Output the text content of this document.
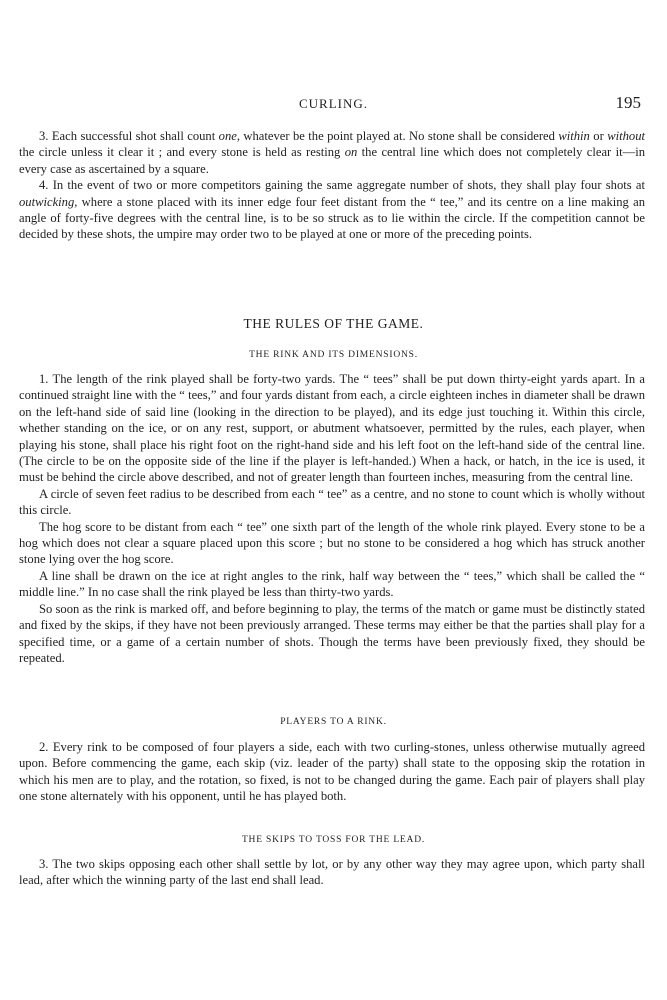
CURLING.	195

3. Each successful shot shall count one, whatever be the point played at. No stone shall be considered within or without the circle unless it clear it ; and every stone is held as resting on the central line which does not completely clear it—in every case as ascertained by a square.

4. In the event of two or more competitors gaining the same aggregate number of shots, they shall play four shots at outwicking, where a stone placed with its inner edge four feet distant from the “ tee,” and its centre on a line making an angle of forty-five degrees with the central line, is to be so struck as to lie within the circle. If the competition cannot be decided by these shots, the umpire may order two to be played at one or more of the preceding points.

THE RULES OF THE GAME.
THE RINK AND ITS DIMENSIONS.

1. The length of the rink played shall be forty-two yards. The “ tees” shall be put down thirty-eight yards apart. In a continued straight line with the “ tees,” and four yards distant from each, a circle eighteen inches in diameter shall be drawn on the left-hand side of said line (looking in the direction to be played), and its edge just touching it. Within this circle, whether standing on the ice, or on any rest, support, or abutment whatsoever, permitted by the rules, each player, when playing his stone, shall place his right foot on the right-hand side and his left foot on the left-hand side of the central line. (The circle to be on the opposite side of the line if the player is left-handed.) When a hack, or hatch, in the ice is used, it must be behind the circle above described, and not of greater length than fourteen inches, measuring from the central line.

A circle of seven feet radius to be described from each “ tee” as a centre, and no stone to count which is wholly without this circle.

The hog score to be distant from each “ tee” one sixth part of the length of the whole rink played. Every stone to be a hog which does not clear a square placed upon this score ; but no stone to be considered a hog which has struck another stone lying over the hog score.

A line shall be drawn on the ice at right angles to the rink, half way between the “ tees,” which shall be called the “ middle line.” In no case shall the rink played be less than thirty-two yards.

So soon as the rink is marked off, and before beginning to play, the terms of the match or game must be distinctly stated and fixed by the skips, if they have not been previously arranged. These terms may either be that the parties shall play for a specified time, or a game of a certain number of shots. Though the terms have been previously fixed, they should be repeated.

PLAYERS TO A RINK.

2. Every rink to be composed of four players a side, each with two curling-stones, unless otherwise mutually agreed upon. Before commencing the game, each skip (viz. leader of the party) shall state to the opposing skip the rotation in which his men are to play, and the rotation, so fixed, is not to be changed during the game. Each pair of players shall play one stone alternately with his opponent, until he has played both.

THE SKIPS TO TOSS FOR THE LEAD.

3. The two skips opposing each other shall settle by lot, or by any other way they may agree upon, which party shall lead, after which the winning party of the last end shall lead.
